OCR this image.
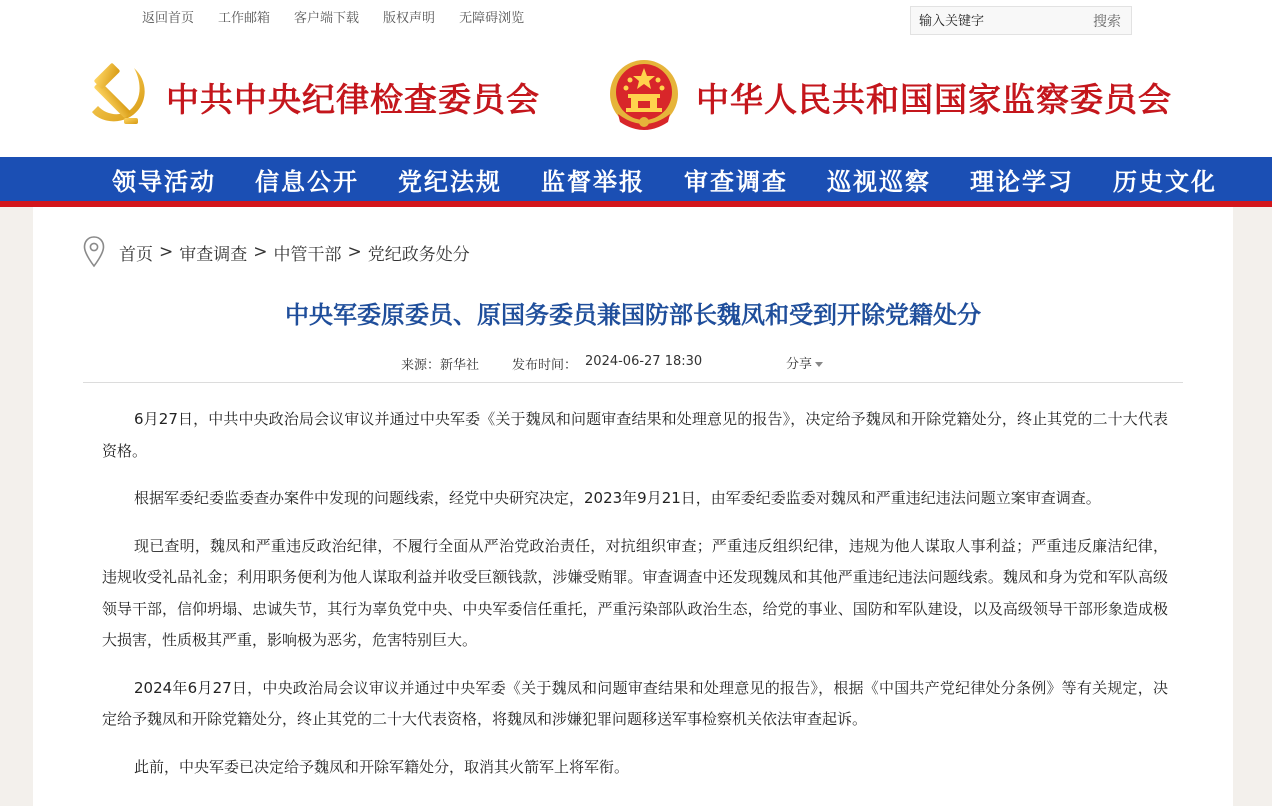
返回首页 工作邮箱 客户端下载 版权声明 无障碍浏览
输入关键字	搜索
中共中央纪律检查委员会	中华人民共和国国家监察委员会
领导活动 信息公开 党纪法规 监督举报 审查调查 巡视巡察 理论学习 历史文化
首页 > 审查调查 > 中管干部 > 党纪政务处分
中央军委原委员、原国务委员兼国防部长魏凤和受到开除党籍处分
来源：新华社	发布时间： 2024-06-27 18:30	分享

6月27日，中共中央政治局会议审议并通过中央军委《关于魏凤和问题审查结果和处理意见的报告》，决定给予魏凤和开除党籍处分，终止其党的二十大代表资格。

根据军委纪委监委查办案件中发现的问题线索，经党中央研究决定，2023年9月21日，由军委纪委监委对魏凤和严重违纪违法问题立案审查调查。

现已查明，魏凤和严重违反政治纪律，不履行全面从严治党政治责任，对抗组织审查；严重违反组织纪律，违规为他人谋取人事利益；严重违反廉洁纪律，违规收受礼品礼金；利用职务便利为他人谋取利益并收受巨额钱款，涉嫌受贿罪。审查调查中还发现魏凤和其他严重违纪违法问题线索。魏凤和身为党和军队高级领导干部，信仰坍塌、忠诚失节，其行为辜负党中央、中央军委信任重托，严重污染部队政治生态，给党的事业、国防和军队建设，以及高级领导干部形象造成极大损害，性质极其严重，影响极为恶劣，危害特别巨大。

2024年6月27日，中央政治局会议审议并通过中央军委《关于魏凤和问题审查结果和处理意见的报告》，根据《中国共产党纪律处分条例》等有关规定，决定给予魏凤和开除党籍处分，终止其党的二十大代表资格，将魏凤和涉嫌犯罪问题移送军事检察机关依法审查起诉。

此前，中央军委已决定给予魏凤和开除军籍处分，取消其火箭军上将军衔。
